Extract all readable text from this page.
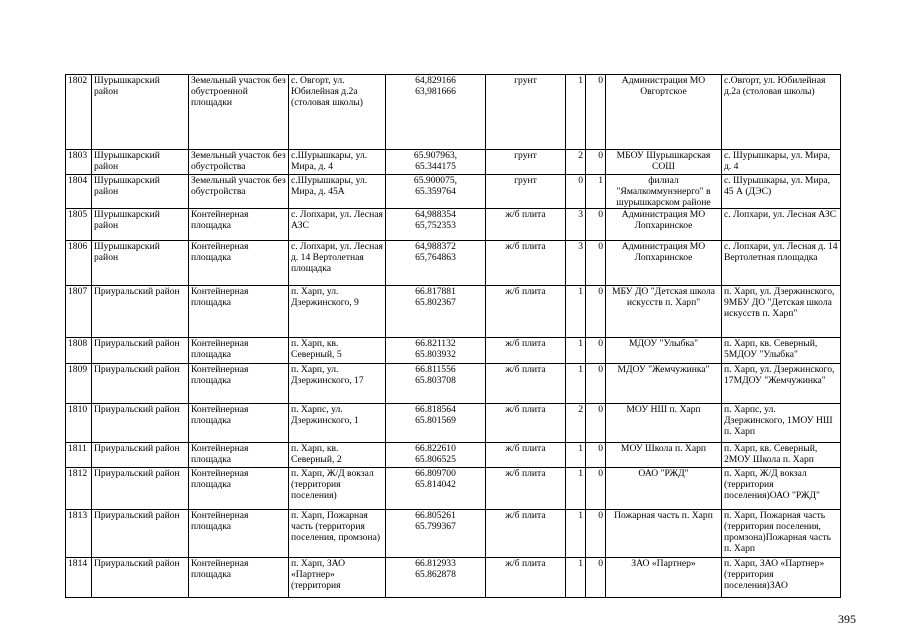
1802	Шурышкарский район	Земельный участок без обустроенной площадки	с. Овгорт, ул. Юбилейная д.2а (столовая школы)	64,829166
63,981666	грунт	1	0	Администрация МО Овгортское	с.Овгорт, ул. Юбилейная д.2а (столовая школы)
1803	Шурышкарский район	Земельный участок без обустройства	с.Шурышкары, ул. Мира, д. 4	65.907963,
65.344175	грунт	2	0	МБОУ Шурышкарская СОШ	с. Шурышкары, ул. Мира, д. 4
1804	Шурышкарский район	Земельный участок без обустройства	с.Шурышкары, ул. Мира, д. 45А	65.900075,
65.359764	грунт	0	1	филиал "Ямалкоммунэнерго" в шурышкарском районе	с. Шурышкары, ул. Мира, 45 А (ДЭС)
1805	Шурышкарский район	Контейнерная площадка	с. Лопхари, ул. Лесная АЗС	64,988354
65,752353	ж/б плита	3	0	Администрация МО Лопхаринское	с. Лопхари, ул. Лесная АЗС
1806	Шурышкарский район	Контейнерная площадка	с. Лопхари, ул. Лесная д. 14 Вертолетная площадка	64,988372
65,764863	ж/б плита	3	0	Администрация МО Лопхаринское	с. Лопхари, ул. Лесная д. 14 Вертолетная площадка
1807	Приуральский район	Контейнерная площадка	п. Харп, ул. Дзержинского, 9	66.817881
65.802367	ж/б плита	1	0	МБУ ДО "Детская школа искусств п. Харп"	п. Харп, ул. Дзержинского, 9МБУ ДО "Детская школа искусств п. Харп"
1808	Приуральский район	Контейнерная площадка	п. Харп, кв. Северный, 5	66.821132
65.803932	ж/б плита	1	0	МДОУ "Улыбка"	п. Харп, кв. Северный, 5МДОУ "Улыбка"
1809	Приуральский район	Контейнерная площадка	п. Харп, ул. Дзержинского, 17	66.811556
65.803708	ж/б плита	1	0	МДОУ "Жемчужинка"	п. Харп, ул. Дзержинского, 17МДОУ "Жемчужинка"
1810	Приуральский район	Контейнерная площадка	п. Харпс, ул. Дзержинского, 1	66.818564
65.801569	ж/б плита	2	0	МОУ НШ п. Харп	п. Харпс, ул. Дзержинского, 1МОУ НШ п. Харп
1811	Приуральский район	Контейнерная площадка	п. Харп, кв. Северный, 2	66.822610
65.806525	ж/б плита	1	0	МОУ Школа п. Харп	п. Харп, кв. Северный, 2МОУ Школа п. Харп
1812	Приуральский район	Контейнерная площадка	п. Харп, Ж/Д вокзал (территория поселения)	66.809700
65.814042	ж/б плита	1	0	ОАО "РЖД"	п. Харп, Ж/Д вокзал (территория поселения)ОАО "РЖД"
1813	Приуральский район	Контейнерная площадка	п. Харп, Пожарная часть (территория поселения, промзона)	66.805261
65.799367	ж/б плита	1	0	Пожарная часть п. Харп	п. Харп, Пожарная часть (территория поселения, промзона)Пожарная часть п. Харп
1814	Приуральский район	Контейнерная площадка	п. Харп, ЗАО «Партнер» (территория	66.812933
65.862878	ж/б плита	1	0	ЗАО «Партнер»	п. Харп, ЗАО «Партнер» (территория поселения)ЗАО
395
